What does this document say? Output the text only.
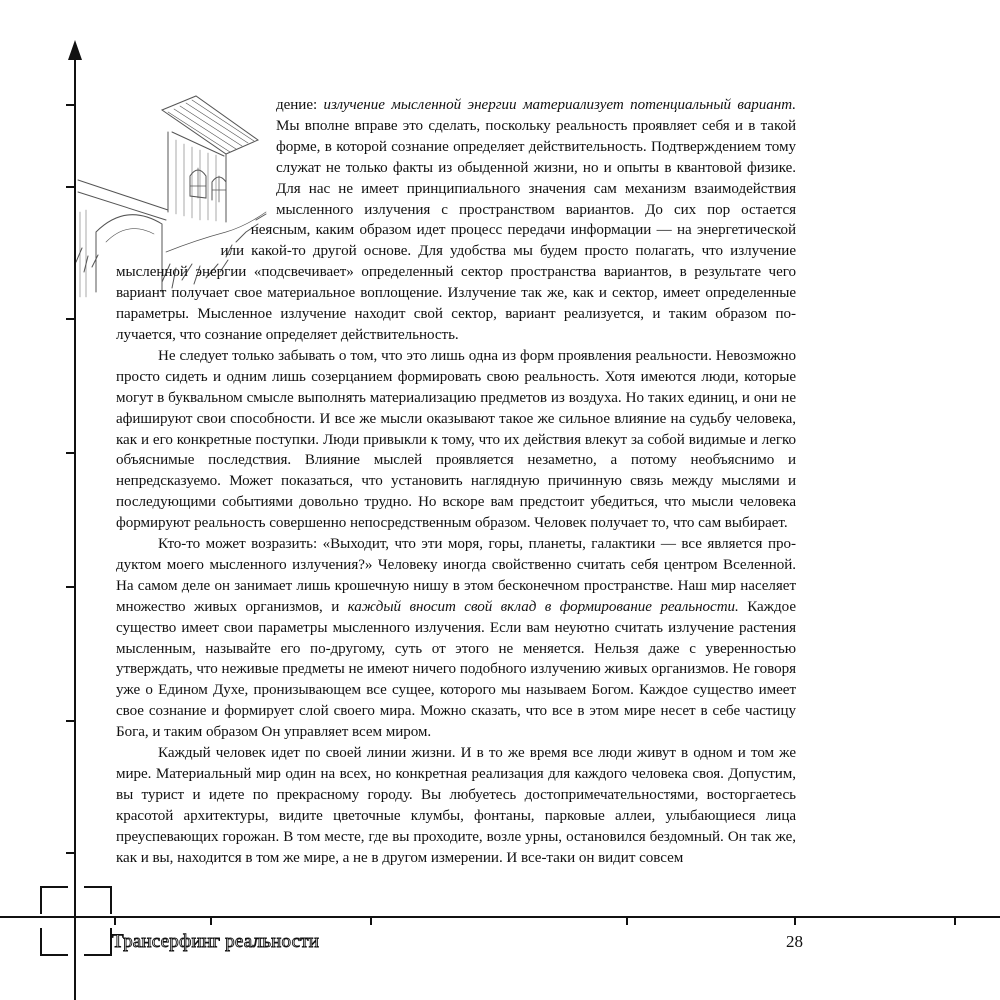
дение: излучение мысленной энергии материализует потенциальный вариант. Мы вполне вправе это сделать, поскольку реальность проявляет себя и в такой форме, в которой сознание определяет действительность. Подтверждением тому служат не только факты из обыденной жизни, но и опыты в квантовой физике. Для нас не имеет принципиального значения сам механизм взаимодействия мысленного излучения с пространством вариантов. До сих пор остается неясным, каким образом идет процесс передачи информации — на энергетической или какой-то другой основе. Для удобства мы будем просто полагать, что излучение мысленной энергии «подсвечивает» определенный сектор пространства вариантов, в результате чего вариант получает свое материальное воплощение. Излучение так же, как и сектор, имеет определенные параметры. Мысленное излучение находит свой сектор, вариант реализуется, и таким образом получается, что сознание определяет действительность.

Не следует только забывать о том, что это лишь одна из форм проявления реальности. Невозможно просто сидеть и одним лишь созерцанием формировать свою реальность. Хотя имеются люди, которые могут в буквальном смысле выполнять материализацию предметов из воздуха. Но таких единиц, и они не афишируют свои способности. И все же мысли оказывают такое же сильное влияние на судьбу человека, как и его конкретные поступки. Люди привыкли к тому, что их действия влекут за собой видимые и легко объяснимые последствия. Влияние мыслей проявляется незаметно, а потому необъяснимо и непредсказуемо. Может показаться, что установить наглядную причинную связь между мыслями и последующими событиями довольно трудно. Но вскоре вам предстоит убедиться, что мысли человека формируют реальность совершенно непосредственным образом. Человек получает то, что сам выбирает.

Кто-то может возразить: «Выходит, что эти моря, горы, планеты, галактики — все является продуктом моего мысленного излучения?» Человеку иногда свойственно считать себя центром Вселенной. На самом деле он занимает лишь крошечную нишу в этом бесконечном пространстве. Наш мир населяет множество живых организмов, и каждый вносит свой вклад в формирование реальности. Каждое существо имеет свои параметры мысленного излучения. Если вам неуютно считать излучение растения мысленным, называйте его по-другому, суть от этого не меняется. Нельзя даже с уверенностью утверждать, что неживые предметы не имеют ничего подобного излучению живых организмов. Не говоря уже о Едином Духе, пронизывающем все сущее, которого мы называем Богом. Каждое существо имеет свое сознание и формирует слой своего мира. Можно сказать, что все в этом мире несет в себе частицу Бога, и таким образом Он управляет всем миром.

Каждый человек идет по своей линии жизни. И в то же время все люди живут в одном и том же мире. Материальный мир один на всех, но конкретная реализация для каждого человека своя. Допустим, вы турист и идете по прекрасному городу. Вы любуетесь достопримечательностями, восторгаетесь красотой архитектуры, видите цветочные клумбы, фонтаны, парковые аллеи, улыбающиеся лица преуспевающих горожан. В том месте, где вы проходите, возле урны, остановился бездомный. Он так же, как и вы, находится в том же мире, а не в другом измерении. И все-таки он видит совсем

Трансерфинг реальности	28
